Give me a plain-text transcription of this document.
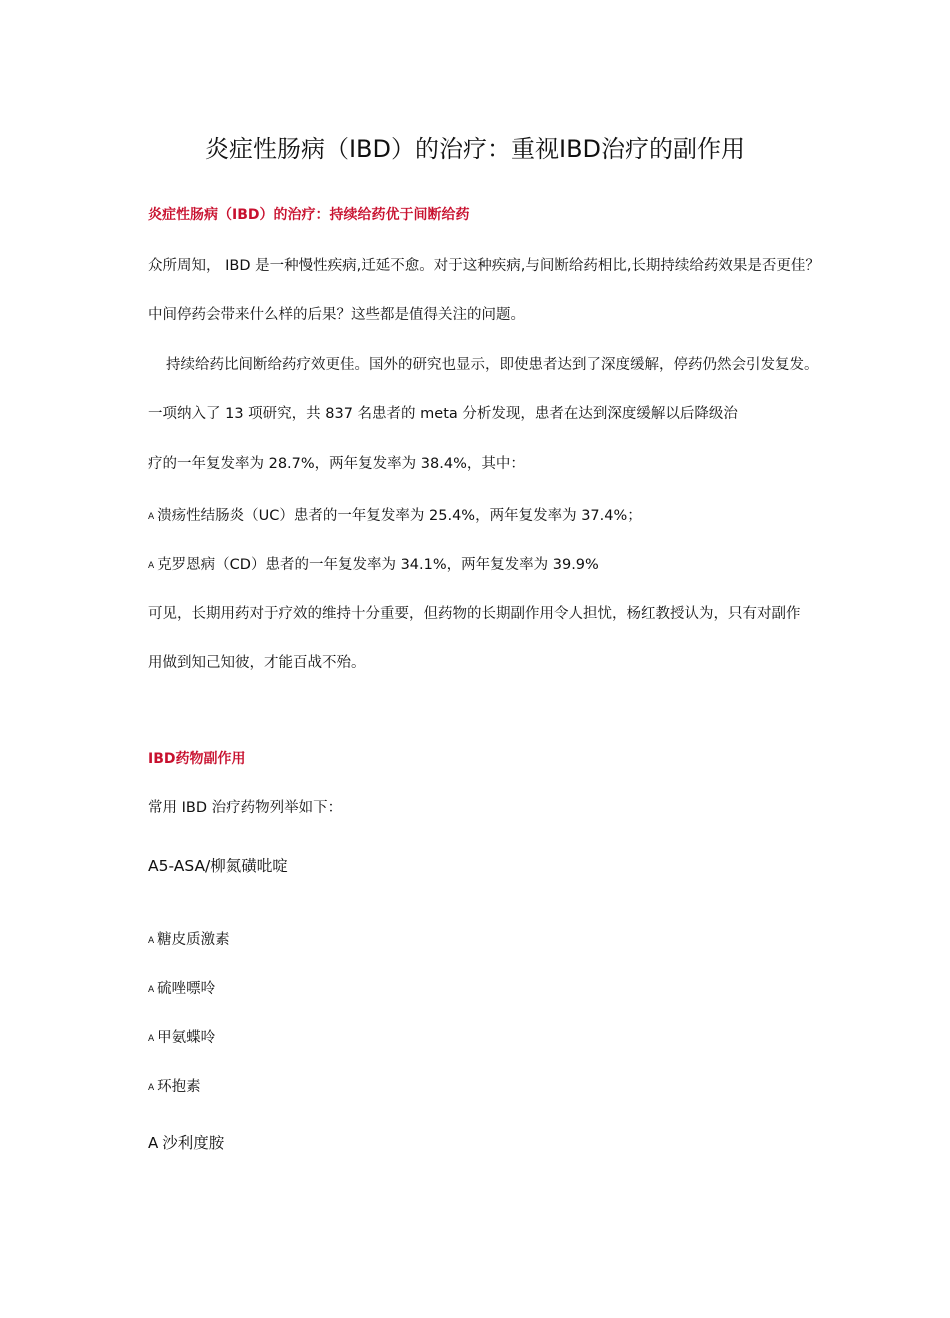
炎症性肠病（IBD）的治疗：重视IBD治疗的副作用
炎症性肠病（IBD）的治疗：持续给药优于间断给药
众所周知， IBD 是一种慢性疾病,迁延不愈。对于这种疾病,与间断给药相比,长期持续给药效果是否更佳？
中间停药会带来什么样的后果？这些都是值得关注的问题。
持续给药比间断给药疗效更佳。国外的研究也显示，即使患者达到了深度缓解，停药仍然会引发复发。
一项纳入了 13 项研究，共 837 名患者的 meta 分析发现，患者在达到深度缓解以后降级治
疗的一年复发率为 28.7%，两年复发率为 38.4%，其中：
A 溃疡性结肠炎（UC）患者的一年复发率为 25.4%，两年复发率为 37.4%；
A 克罗恩病（CD）患者的一年复发率为 34.1%，两年复发率为 39.9%
可见，长期用药对于疗效的维持十分重要，但药物的长期副作用令人担忧，杨红教授认为，只有对副作
用做到知己知彼，才能百战不殆。
IBD药物副作用
常用 IBD 治疗药物列举如下：
A5-ASA/柳氮磺吡啶
A 糖皮质激素
A 硫唑嘌呤
A 甲氨蝶呤
A 环抱素
A 沙利度胺
